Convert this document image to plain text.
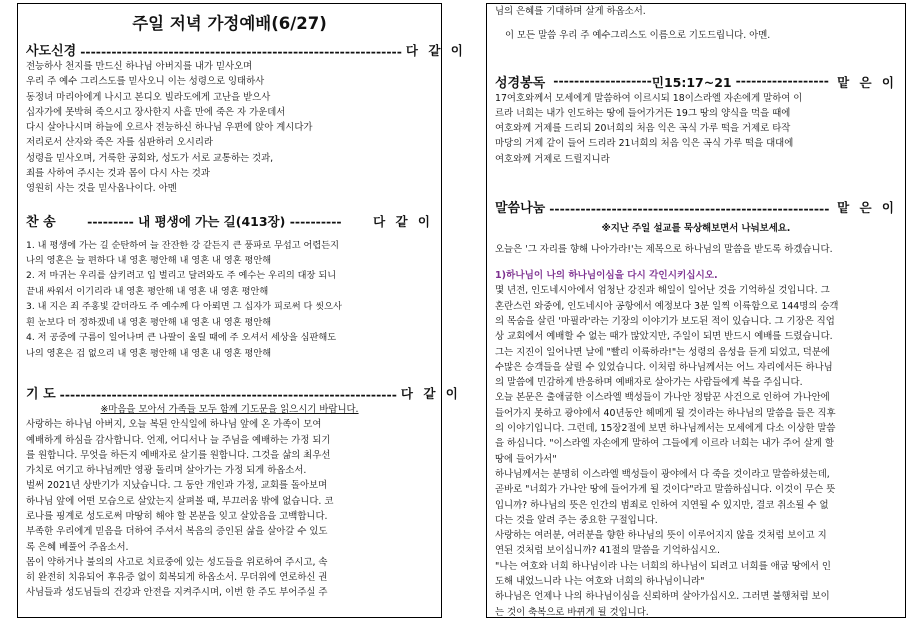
주일 저녁 가정예배(6/27)
사도신경 -------------------------------------------------------------- 다 같 이
전능하사 천지를 만드신 하나님 아버지를 내가 믿사오며
우리 주 예수 그리스도를 믿사오니 이는 성령으로 잉태하사
동정녀 마리아에게 나시고 본디오 빌라도에게 고난을 받으사
십자가에 못박혀 죽으시고 장사한지 사흘 만에 죽은 자 가운데서
다시 살아나시며 하늘에 오르사 전능하신 하나님 우편에 앉아 계시다가
저리로서 산자와 죽은 자를 심판하러 오시리라
성령을 믿사오며, 거룩한 공회와, 성도가 서로 교통하는 것과,
죄를 사하여 주시는 것과 몸이 다시 사는 것과
영원히 사는 것을 믿사옵나이다. 아멘
찬 송	--------- 내 평생에 가는 길(413장) ----------	다 같 이
1. 내 평생에 가는 길 순탄하여 늘 잔잔한 강 같든지 큰 풍파로 무섭고 어렵든지
나의 영혼은 늘 편하다 내 영혼 평안해 내 영혼 내 영혼 평안해
2. 저 마귀는 우리를 삼키려고 입 벌리고 달려와도 주 예수는 우리의 대장 되니
끝내 싸워서 이기리라 내 영혼 평안해 내 영혼 내 영혼 평안해
3. 내 지은 죄 주홍빛 같더라도 주 예수께 다 아뢰면 그 십자가 피로써 다 씻으사
흰 눈보다 더 정하겠네 내 영혼 평안해 내 영혼 내 영혼 평안해
4. 저 공중에 구름이 일어나며 큰 나팔이 울릴 때에 주 오셔서 세상을 심판해도
나의 영혼은 겁 없으리 내 영혼 평안해 내 영혼 내 영혼 평안해
기 도 ----------------------------------------------------------------- 다 같 이
※마음을 모아서 가족들 모두 함께 기도문을 읽으시기 바랍니다.
사랑하는 하나님 아버지, 오늘 복된 안식일에 하나님 앞에 온 가족이 모여
예배하게 하심을 감사합니다. 언제, 어디서나 늘 주님을 예배하는 가정 되기
를 원합니다. 무엇을 하든지 예배자로 살기를 원합니다. 그것을 삶의 최우선
가치로 여기고 하나님께만 영광 돌리며 살아가는 가정 되게 하옵소서.
벌써 2021년 상반기가 지났습니다. 그 동안 개인과 가정, 교회를 돌아보며
하나님 앞에 어떤 모습으로 살았는지 살펴볼 때, 부끄러움 밖에 없습니다. 코
로나를 핑계로 성도로써 마땅히 해야 할 본분을 잊고 살았음을 고백합니다.
부족한 우리에게 믿음을 더하여 주셔서 복음의 증인된 삶을 살아갈 수 있도
록 은혜 베풀어 주옵소서.
몸이 약하거나 불의의 사고로 치료중에 있는 성도들을 위로하여 주시고, 속
히 완전히 치유되어 후유증 없이 회복되게 하옵소서. 무더위에 연로하신 권
사님들과 성도님들의 건강과 안전을 지켜주시며, 이번 한 주도 부어주실 주
님의 은혜를 기대하며 살게 하옵소서.
이 모든 말씀 우리 주 예수그리스도 이름으로 기도드립니다. 아멘.
성경봉독 ------------------- 민15:17~21 ------------------ 맡 은 이
17여호와께서 모세에게 말씀하여 이르시되 18이스라엘 자손에게 말하여 이
르라 너희는 내가 인도하는 땅에 들어가거든 19그 땅의 양식을 먹을 때에
여호와께 거제를 드리되 20너희의 처음 익은 곡식 가루 떡을 거제로 타작
마당의 거제 같이 들어 드리라 21너희의 처음 익은 곡식 가루 떡을 대대에
여호와께 거제로 드릴지니라
말씀나눔 ------------------------------------------------------ 맡 은 이
※지난 주일 설교를 묵상해보면서 나눠보세요.
오늘은 '그 자리를 향해 나아가라!'는 제목으로 하나님의 말씀을 받도록 하겠습니다.
1)하나님이 나의 하나님이심을 다시 각인시키십시오.
몇 년전, 인도네시아에서 엄청난 강진과 해일이 일어난 것을 기억하실 것입니다. 그
혼란스런 와중에, 인도네시아 공항에서 예정보다 3분 일찍 이륙함으로 144명의 승객
의 목숨을 살린 '마필라'라는 기장의 이야기가 보도된 적이 있습니다. 그 기장은 직업
상 교회에서 예배할 수 없는 때가 많았지만, 주일이 되면 반드시 예배를 드렸습니다.
그는 지진이 일어나면 날에 "빨리 이륙하라!"는 성령의 음성을 듣게 되었고, 덕분에
수많은 승객들을 살릴 수 있었습니다. 이처럼 하나님께서는 어느 자리에서든 하나님
의 말씀에 민감하게 반응하며 예배자로 살아가는 사람들에게 복을 주십니다.
오늘 본문은 출애굽한 이스라엘 백성들이 가나안 정탐꾼 사건으로 인하여 가나안에
들어가지 못하고 광야에서 40년동안 헤메게 될 것이라는 하나님의 말씀을 들은 직후
의 이야기입니다. 그런데, 15장2절에 보면 하나님께서는 모세에게 다소 이상한 말씀
을 하십니다. "이스라엘 자손에게 말하여 그들에게 이르라 너희는 내가 주어 살게 할
땅에 들어가서"
하나님께서는 분명히 이스라엘 백성들이 광야에서 다 죽을 것이라고 말씀하셨는데,
곧바로 "너희가 가나안 땅에 들어가게 될 것이다"라고 말씀하십니다. 이것이 무슨 뜻
입니까? 하나님의 뜻은 인간의 범죄로 인하여 지연될 수 있지만, 결코 취소될 수 없
다는 것을 알려 주는 중요한 구절입니다.
사랑하는 여러분, 여러분을 향한 하나님의 뜻이 이루어지지 않을 것처럼 보이고 지
연된 것처럼 보이십니까? 41절의 말씀을 기억하십시오.
"나는 여호와 너희 하나님이라 나는 너희의 하나님이 되려고 너희를 애굽 땅에서 인
도해 내었느니라 나는 여호와 너희의 하나님이니라"
하나님은 언제나 나의 하나님이심을 신뢰하며 살아가십시오. 그러면 불행처럼 보이
는 것이 축복으로 바뀌게 될 것입니다.
